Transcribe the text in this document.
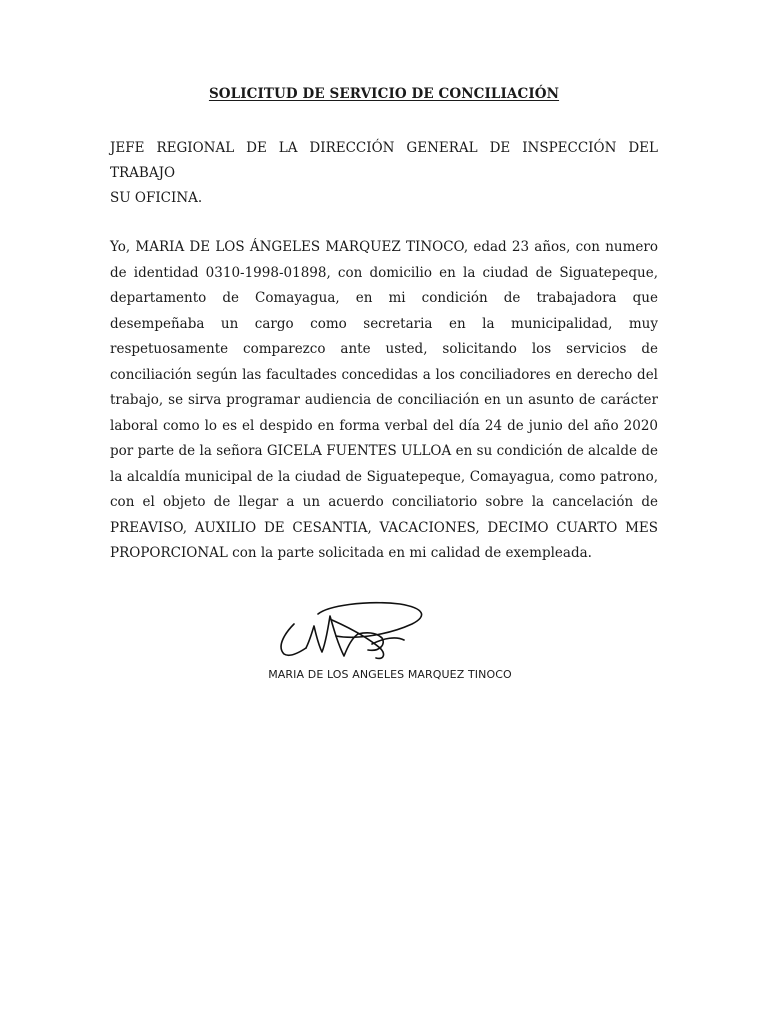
SOLICITUD DE SERVICIO DE CONCILIACIÓN
JEFE REGIONAL DE LA DIRECCIÓN GENERAL DE INSPECCIÓN DEL
TRABAJO
SU OFICINA.

Yo, MARIA DE LOS ÁNGELES MARQUEZ TINOCO, edad 23 años, con numero de identidad 0310-1998-01898, con domicilio en la ciudad de Siguatepeque, departamento de Comayagua, en mi condición de trabajadora que desempeñaba un cargo como secretaria en la municipalidad, muy respetuosamente comparezco ante usted, solicitando los servicios de conciliación según las facultades concedidas a los conciliadores en derecho del trabajo, se sirva programar audiencia de conciliación en un asunto de carácter laboral como lo es el despido en forma verbal del día 24 de junio del año 2020 por parte de la señora GICELA FUENTES ULLOA en su condición de alcalde de la alcaldía municipal de la ciudad de Siguatepeque, Comayagua, como patrono, con el objeto de llegar a un acuerdo conciliatorio sobre la cancelación de PREAVISO, AUXILIO DE CESANTIA, VACACIONES, DECIMO CUARTO MES PROPORCIONAL con la parte solicitada en mi calidad de exempleada.

MARIA DE LOS ANGELES MARQUEZ TINOCO
